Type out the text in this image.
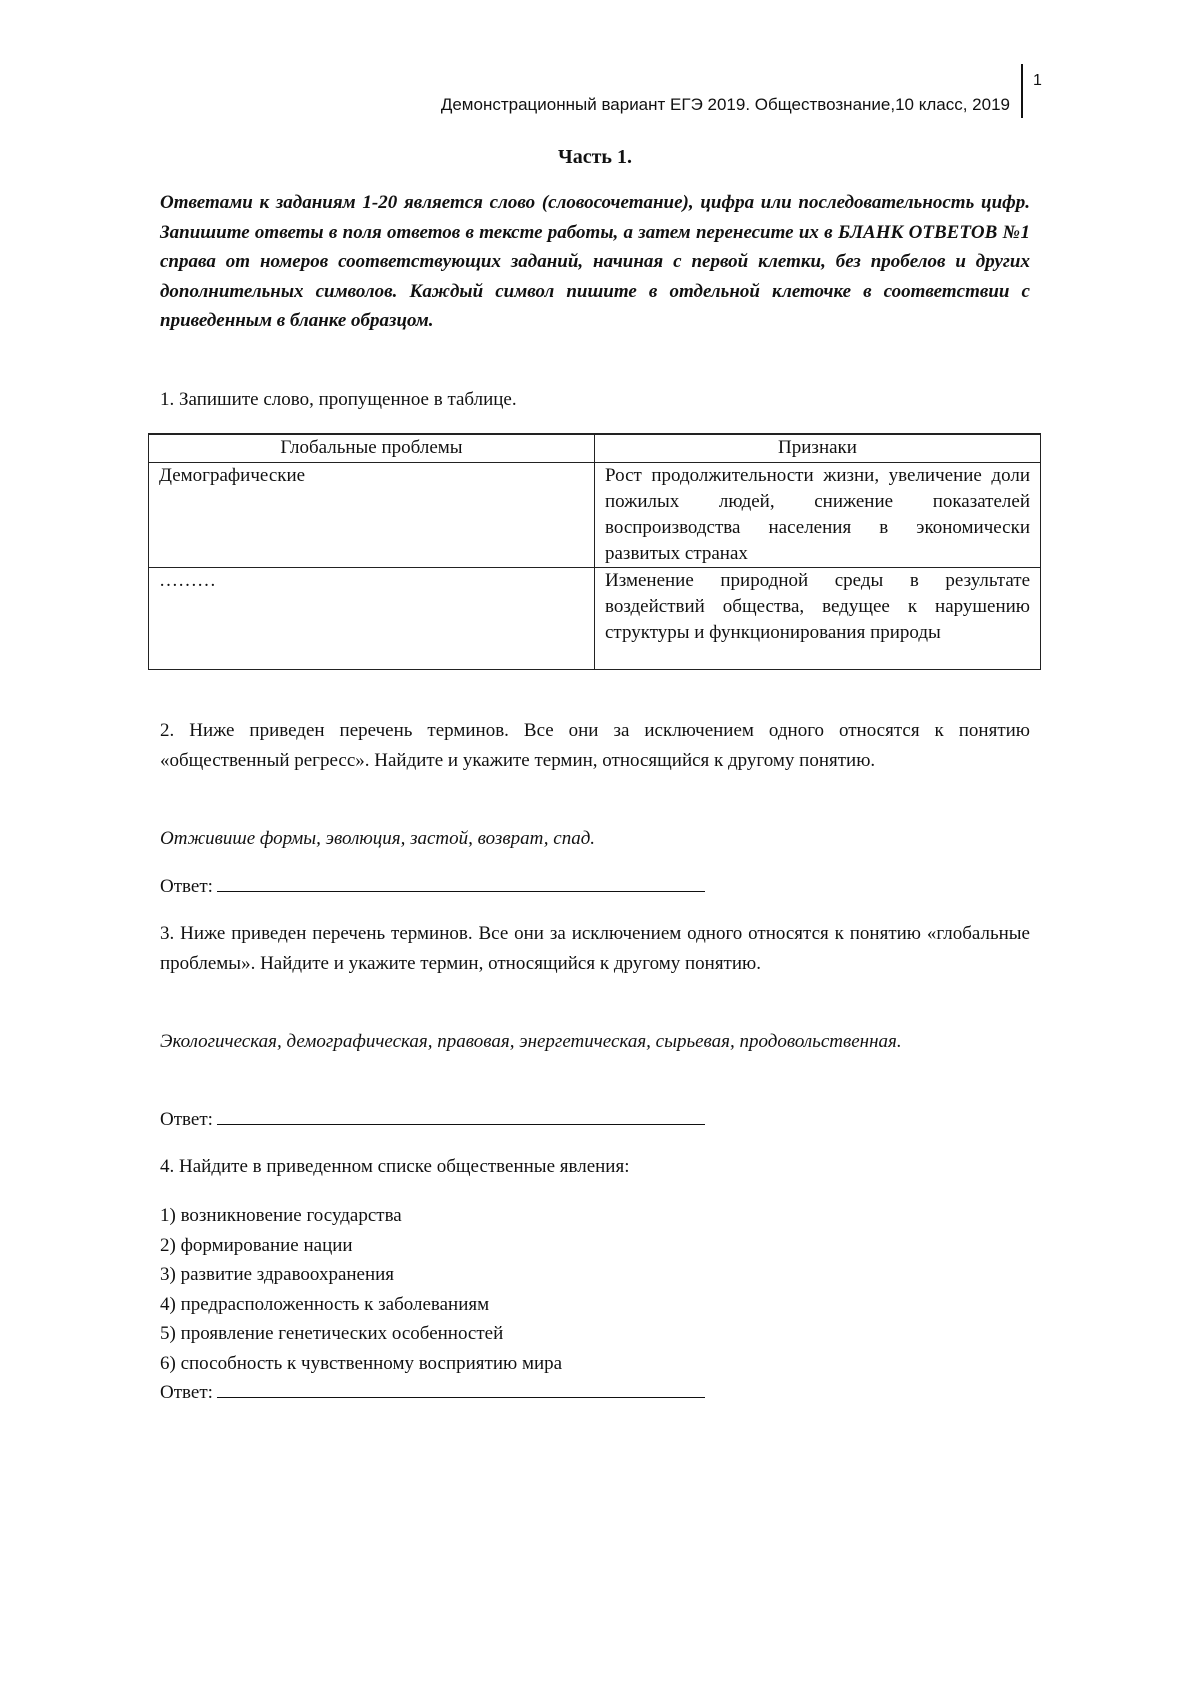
Демонстрационный вариант ЕГЭ 2019. Обществознание,10 класс, 2019
1
Часть 1.
Ответами к заданиям 1-20 является слово (словосочетание), цифра или последовательность цифр. Запишите ответы в поля ответов в тексте работы, а затем перенесите их в БЛАНК ОТВЕТОВ №1 справа от номеров соответствующих заданий, начиная с первой клетки, без пробелов и других дополнительных символов. Каждый символ пишите в отдельной клеточке в соответствии с приведенным в бланке образцом.
1. Запишите слово, пропущенное в таблице.
Глобальные проблемы	Признаки
Демографические	Рост продолжительности жизни, увеличение доли пожилых людей, снижение показателей воспроизводства населения в экономически развитых странах
………	Изменение природной среды в результате воздействий общества, ведущее к нарушению структуры и функционирования природы
2. Ниже приведен перечень терминов. Все они за исключением одного относятся к понятию «общественный регресс». Найдите и укажите термин, относящийся к другому понятию.
Отживише формы, эволюция, застой, возврат, спад.
Ответ:
3. Ниже приведен перечень терминов. Все они за исключением одного относятся к понятию «глобальные проблемы». Найдите и укажите термин, относящийся к другому понятию.
Экологическая, демографическая, правовая, энергетическая, сырьевая, продовольственная.
Ответ:
4. Найдите в приведенном списке общественные явления:
1) возникновение государства
2) формирование нации
3) развитие здравоохранения
4) предрасположенность к заболеваниям
5) проявление генетических особенностей
6) способность к чувственному восприятию мира
Ответ:
